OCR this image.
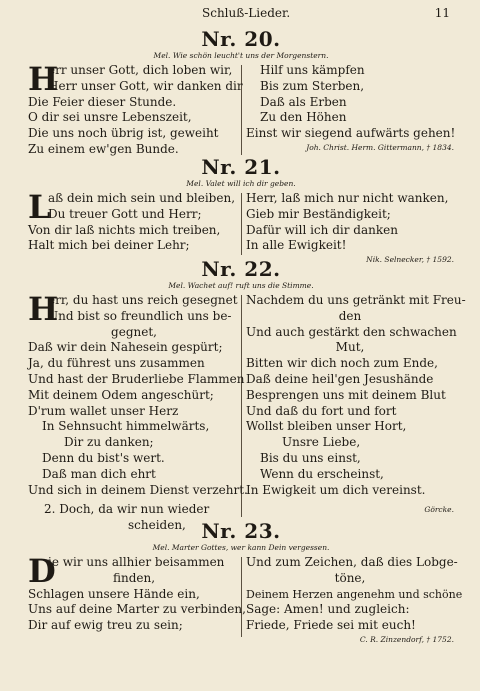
Schluß-Lieder.	11
Nr. 20.
Mel. Wie schön leucht't uns der Morgenstern.
H
err unser Gott, dich loben wir,
Herr unser Gott, wir danken dir
Die Feier dieser Stunde.
O dir sei unsre Lebenszeit,
Die uns noch übrig ist, geweiht
Zu einem ew'gen Bunde.
Hilf uns kämpfen
Bis zum Sterben,
Daß als Erben
Zu den Höhen
Einst wir siegend aufwärts gehen!
Joh. Christ. Herm. Gittermann, † 1834.
Nr. 21.
Mel. Valet will ich dir geben.
L
aß dein mich sein und bleiben,
Du treuer Gott und Herr;
Von dir laß nichts mich treiben,
Halt mich bei deiner Lehr;
Herr, laß mich nur nicht wanken,
Gieb mir Beständigkeit;
Dafür will ich dir danken
In alle Ewigkeit!
Nik. Selnecker, † 1592.
Nr. 22.
Mel. Wachet auf! ruft uns die Stimme.
H
err, du hast uns reich gesegnet
Und bist so freundlich uns be-
gegnet,
Daß wir dein Nahesein gespürt;
Ja, du führest uns zusammen
Und hast der Bruderliebe Flammen
Mit deinem Odem angeschürt;
D'rum wallet unser Herz
In Sehnsucht himmelwärts,
Dir zu danken;
Denn du bist's wert.
Daß man dich ehrt
Und sich in deinem Dienst verzehrt.
2. Doch, da wir nun wieder
scheiden,
Nachdem du uns getränkt mit Freu-
den
Und auch gestärkt den schwachen
Mut,
Bitten wir dich noch zum Ende,
Daß deine heil'gen Jesushände
Besprengen uns mit deinem Blut
Und daß du fort und fort
Wollst bleiben unser Hort,
Unsre Liebe,
Bis du uns einst,
Wenn du erscheinst,
In Ewigkeit um dich vereinst.
Görcke.
Nr. 23.
Mel. Marter Gottes, wer kann Dein vergessen.
D
ie wir uns allhier beisammen
finden,
Schlagen unsere Hände ein,
Uns auf deine Marter zu verbinden,
Dir auf ewig treu zu sein;
Und zum Zeichen, daß dies Lobge-
töne,
Deinem Herzen angenehm und schöne
Sage: Amen! und zugleich:
Friede, Friede sei mit euch!
C. R. Zinzendorf, † 1752.
